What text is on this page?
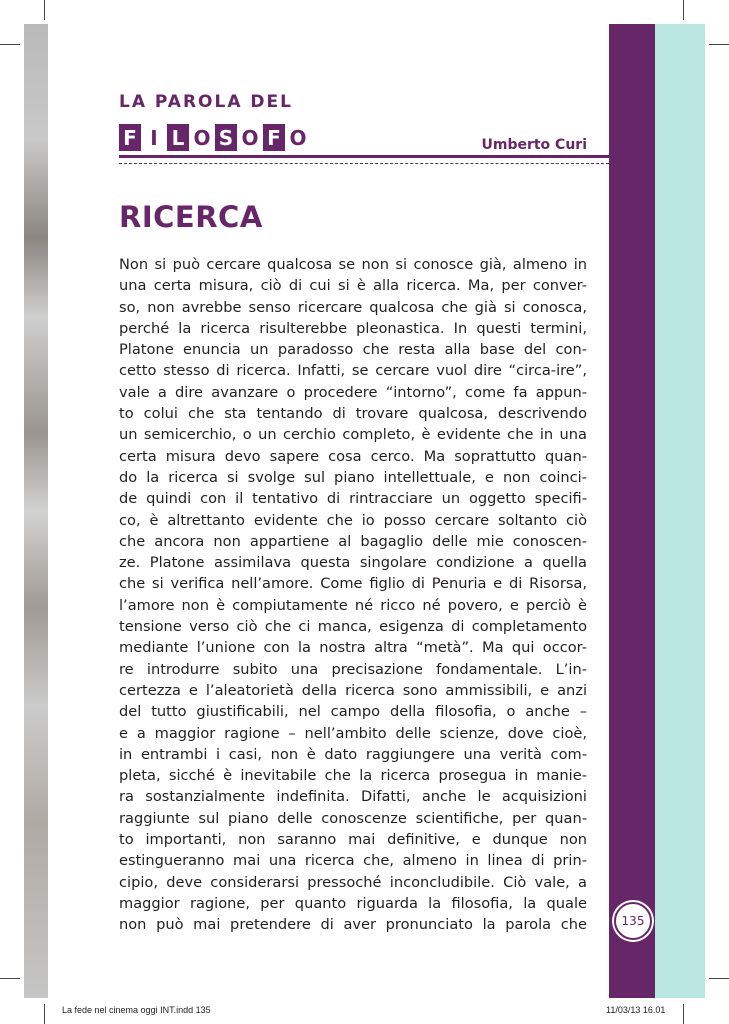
LA PAROLA DEL
F I L O S O F O	Umberto Curi
RICERCA
Non si può cercare qualcosa se non si conosce già, almeno in
una certa misura, ciò di cui si è alla ricerca. Ma, per conver-
so, non avrebbe senso ricercare qualcosa che già si conosca,
perché la ricerca risulterebbe pleonastica. In questi termini,
Platone enuncia un paradosso che resta alla base del con-
cetto stesso di ricerca. Infatti, se cercare vuol dire “circa-ire”,
vale a dire avanzare o procedere “intorno”, come fa appun-
to colui che sta tentando di trovare qualcosa, descrivendo
un semicerchio, o un cerchio completo, è evidente che in una
certa misura devo sapere cosa cerco. Ma soprattutto quan-
do la ricerca si svolge sul piano intellettuale, e non coinci-
de quindi con il tentativo di rintracciare un oggetto specifi-
co, è altrettanto evidente che io posso cercare soltanto ciò
che ancora non appartiene al bagaglio delle mie conoscen-
ze. Platone assimilava questa singolare condizione a quella
che si verifica nell’amore. Come figlio di Penuria e di Risorsa,
l’amore non è compiutamente né ricco né povero, e perciò è
tensione verso ciò che ci manca, esigenza di completamento
mediante l’unione con la nostra altra “metà”. Ma qui occor-
re introdurre subito una precisazione fondamentale. L’in-
certezza e l’aleatorietà della ricerca sono ammissibili, e anzi
del tutto giustificabili, nel campo della filosofia, o anche –
e a maggior ragione – nell’ambito delle scienze, dove cioè,
in entrambi i casi, non è dato raggiungere una verità com-
pleta, sicché è inevitabile che la ricerca prosegua in manie-
ra sostanzialmente indefinita. Difatti, anche le acquisizioni
raggiunte sul piano delle conoscenze scientifiche, per quan-
to importanti, non saranno mai definitive, e dunque non
estingueranno mai una ricerca che, almeno in linea di prin-
cipio, deve considerarsi pressoché inconcludibile. Ciò vale, a
maggior ragione, per quanto riguarda la filosofia, la quale
non può mai pretendere di aver pronunciato la parola che	135
La fede nel cinema oggi INT.indd 135	11/03/13 16.01
